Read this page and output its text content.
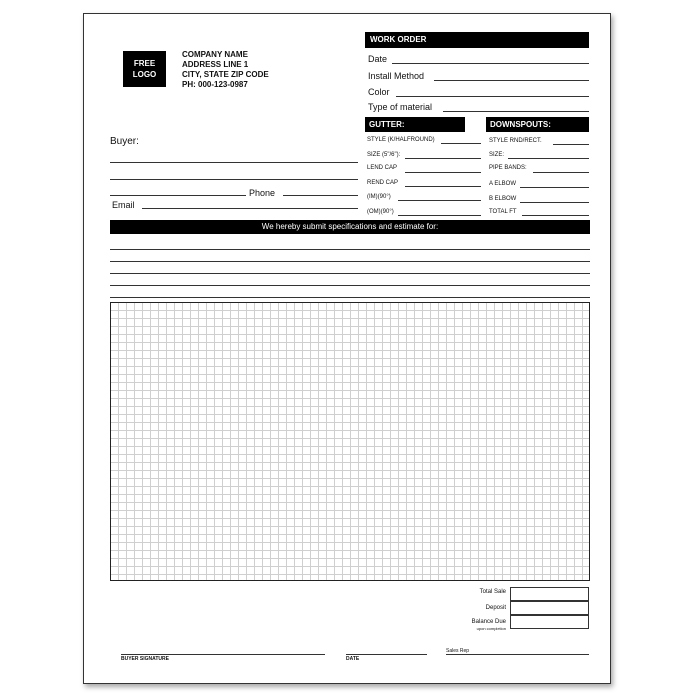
FREE
LOGO
COMPANY NAME
ADDRESS LINE 1
CITY, STATE ZIP CODE
PH: 000-123-0987
WORK ORDER
Date
Install Method
Color
Type of material
Buyer:
Phone
Email
GUTTER:
STYLE (K/HALFROUND)
SIZE (5"/6"):
LEND CAP
REND CAP
(IM)(90°)
(OM)(90°)
DOWNSPOUTS:
STYLE RND/RECT.
SIZE:
PIPE BANDS:
A ELBOW
B ELBOW
TOTAL FT
We hereby submit specifications and estimate for:
Total Sale
Deposit
Balance Due
upon completion
Sales Rep
BUYER SIGNATURE	DATE
